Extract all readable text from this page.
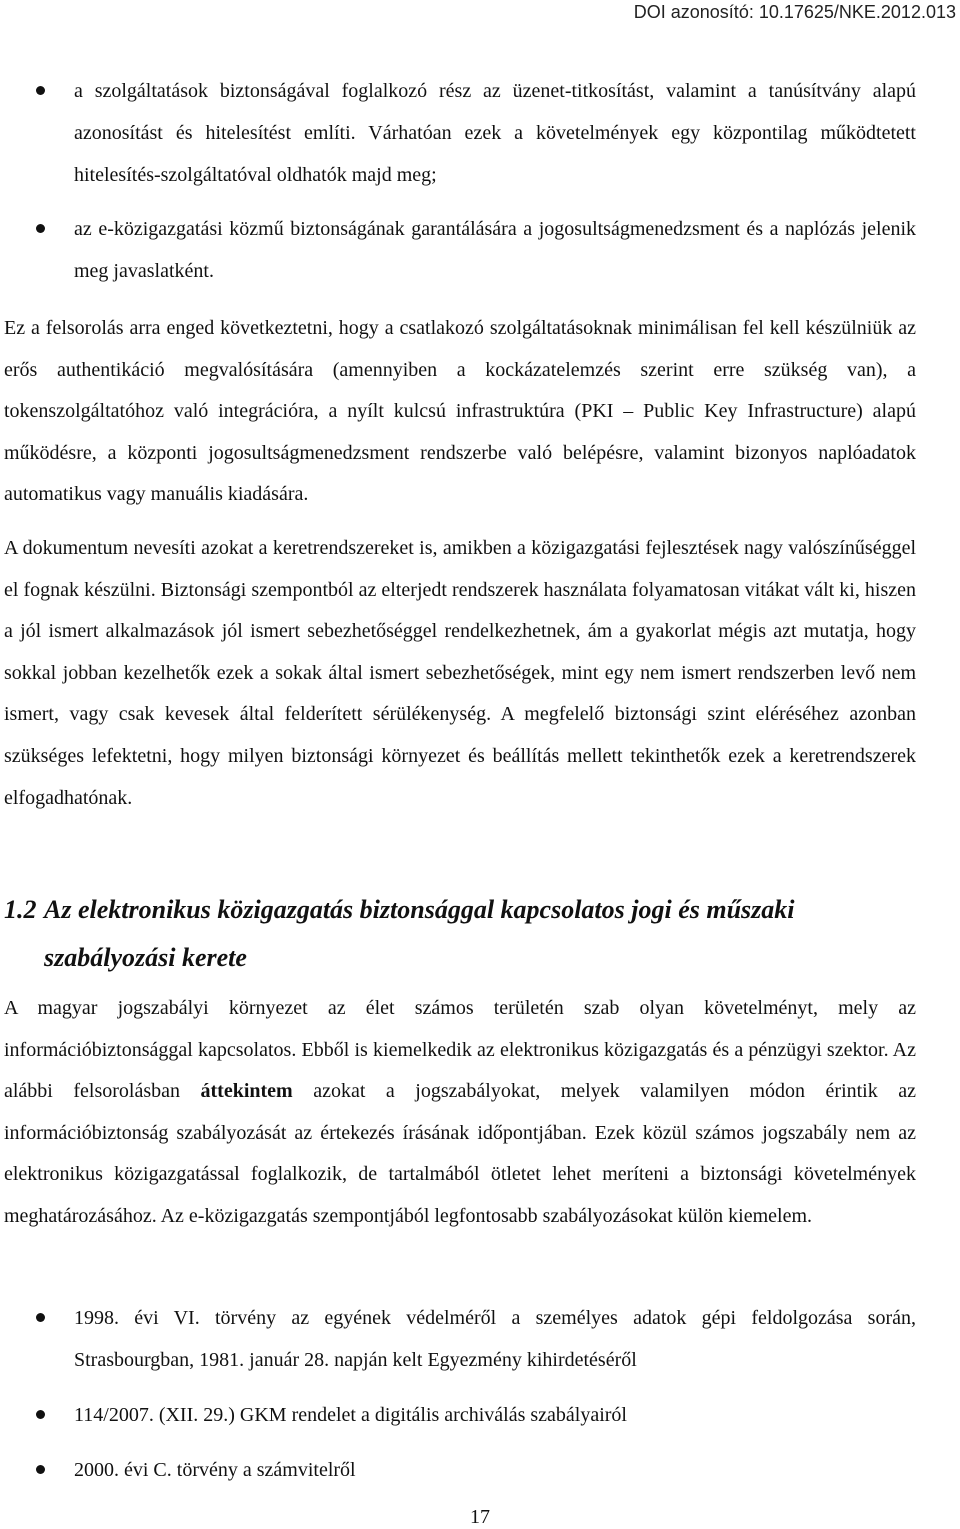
DOI azonosító: 10.17625/NKE.2012.013
a szolgáltatások biztonságával foglalkozó rész az üzenet-titkosítást, valamint a tanúsítvány alapú azonosítást és hitelesítést említi. Várhatóan ezek a követelmények egy központilag működtetett hitelesítés-szolgáltatóval oldhatók majd meg;
az e-közigazgatási közmű biztonságának garantálására a jogosultságmenedzsment és a naplózás jelenik meg javaslatként.

Ez a felsorolás arra enged következtetni, hogy a csatlakozó szolgáltatásoknak minimálisan fel kell készülniük az erős authentikáció megvalósítására (amennyiben a kockázatelemzés szerint erre szükség van), a tokenszolgáltatóhoz való integrációra, a nyílt kulcsú infrastruktúra (PKI – Public Key Infrastructure) alapú működésre, a központi jogosultságmenedzsment rendszerbe való belépésre, valamint bizonyos naplóadatok automatikus vagy manuális kiadására.

A dokumentum nevesíti azokat a keretrendszereket is, amikben a közigazgatási fejlesztések nagy valószínűséggel el fognak készülni. Biztonsági szempontból az elterjedt rendszerek használata folyamatosan vitákat vált ki, hiszen a jól ismert alkalmazások jól ismert sebezhetőséggel rendelkezhetnek, ám a gyakorlat mégis azt mutatja, hogy sokkal jobban kezelhetők ezek a sokak által ismert sebezhetőségek, mint egy nem ismert rendszerben levő nem ismert, vagy csak kevesek által felderített sérülékenység. A megfelelő biztonsági szint eléréséhez azonban szükséges lefektetni, hogy milyen biztonsági környezet és beállítás mellett tekinthetők ezek a keretrendszerek elfogadhatónak.

1.2 Az elektronikus közigazgatás biztonsággal kapcsolatos jogi és műszaki
szabályozási kerete

A magyar jogszabályi környezet az élet számos területén szab olyan követelményt, mely az információbiztonsággal kapcsolatos. Ebből is kiemelkedik az elektronikus közigazgatás és a pénzügyi szektor. Az alábbi felsorolásban áttekintem azokat a jogszabályokat, melyek valamilyen módon érintik az információbiztonság szabályozását az értekezés írásának időpontjában. Ezek közül számos jogszabály nem az elektronikus közigazgatással foglalkozik, de tartalmából ötletet lehet meríteni a biztonsági követelmények meghatározásához. Az e-közigazgatás szempontjából legfontosabb szabályozásokat külön kiemelem.

1998. évi VI. törvény az egyének védelméről a személyes adatok gépi feldolgozása során, Strasbourgban, 1981. január 28. napján kelt Egyezmény kihirdetéséről
114/2007. (XII. 29.) GKM rendelet a digitális archiválás szabályairól
2000. évi C. törvény a számvitelről
17
